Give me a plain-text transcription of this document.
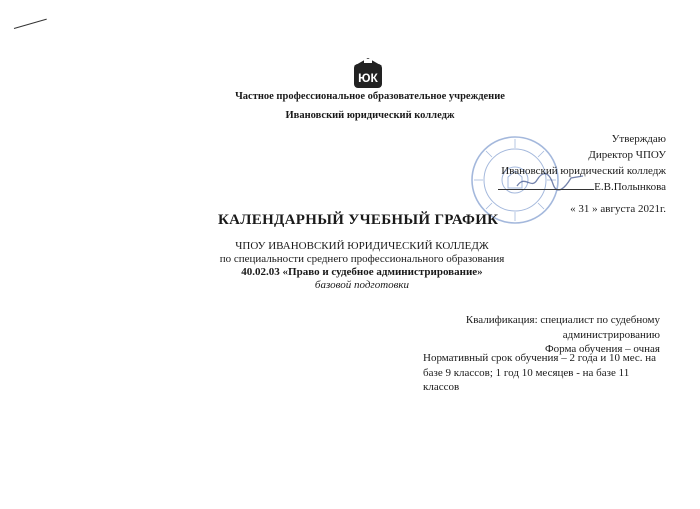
ЮК
Частное профессиональное образовательное учреждение
Ивановский юридический колледж
Утверждаю
Директор ЧПОУ
Ивановский юридический колледж
Е.В.Полынкова
« 31 » августа 2021г.
КАЛЕНДАРНЫЙ УЧЕБНЫЙ ГРАФИК
ЧПОУ ИВАНОВСКИЙ ЮРИДИЧЕСКИЙ КОЛЛЕДЖ
по специальности среднего профессионального образования
40.02.03 «Право и судебное администрирование»
базовой подготовки
Квалификация: специалист по судебному
администрированию
Форма обучения – очная
Нормативный срок обучения – 2 года и 10 мес. на базе 9 классов; 1 год 10 месяцев - на базе 11 классов
